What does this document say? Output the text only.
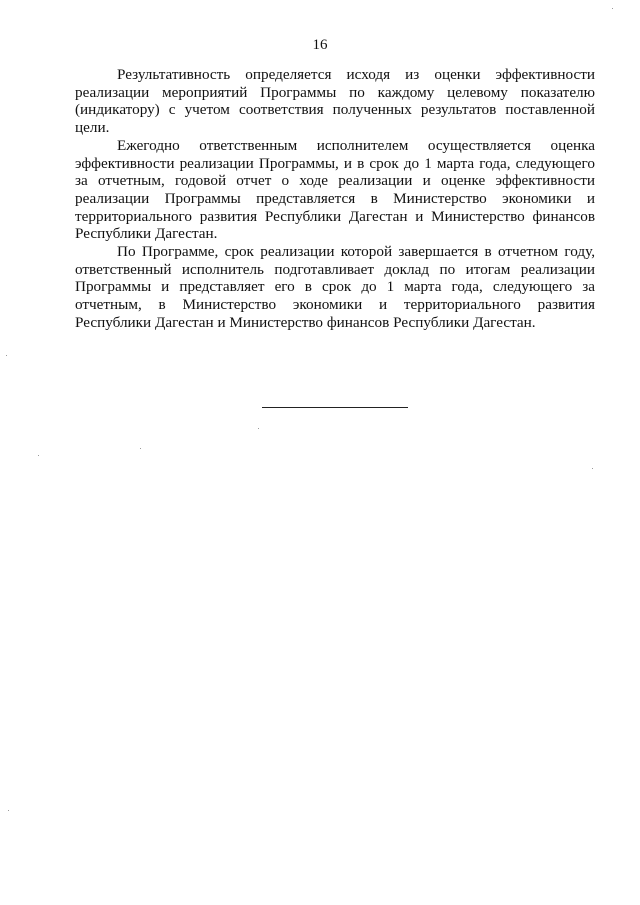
16

Результативность определяется исходя из оценки эффективности реализации мероприятий Программы по каждому целевому показателю (индикатору) с учетом соответствия полученных результатов поставленной цели.

Ежегодно ответственным исполнителем осуществляется оценка эффективности реализации Программы, и в срок до 1 марта года, следующего за отчетным, годовой отчет о ходе реализации и оценке эффективности реализации Программы представляется в Министерство экономики и территориального развития Республики Дагестан и Министерство финансов Республики Дагестан.

По Программе, срок реализации которой завершается в отчетном году, ответственный исполнитель подготавливает доклад по итогам реализации Программы и представляет его в срок до 1 марта года, следующего за отчетным, в Министерство экономики и территориального развития Республики Дагестан и Министерство финансов Республики Дагестан.
